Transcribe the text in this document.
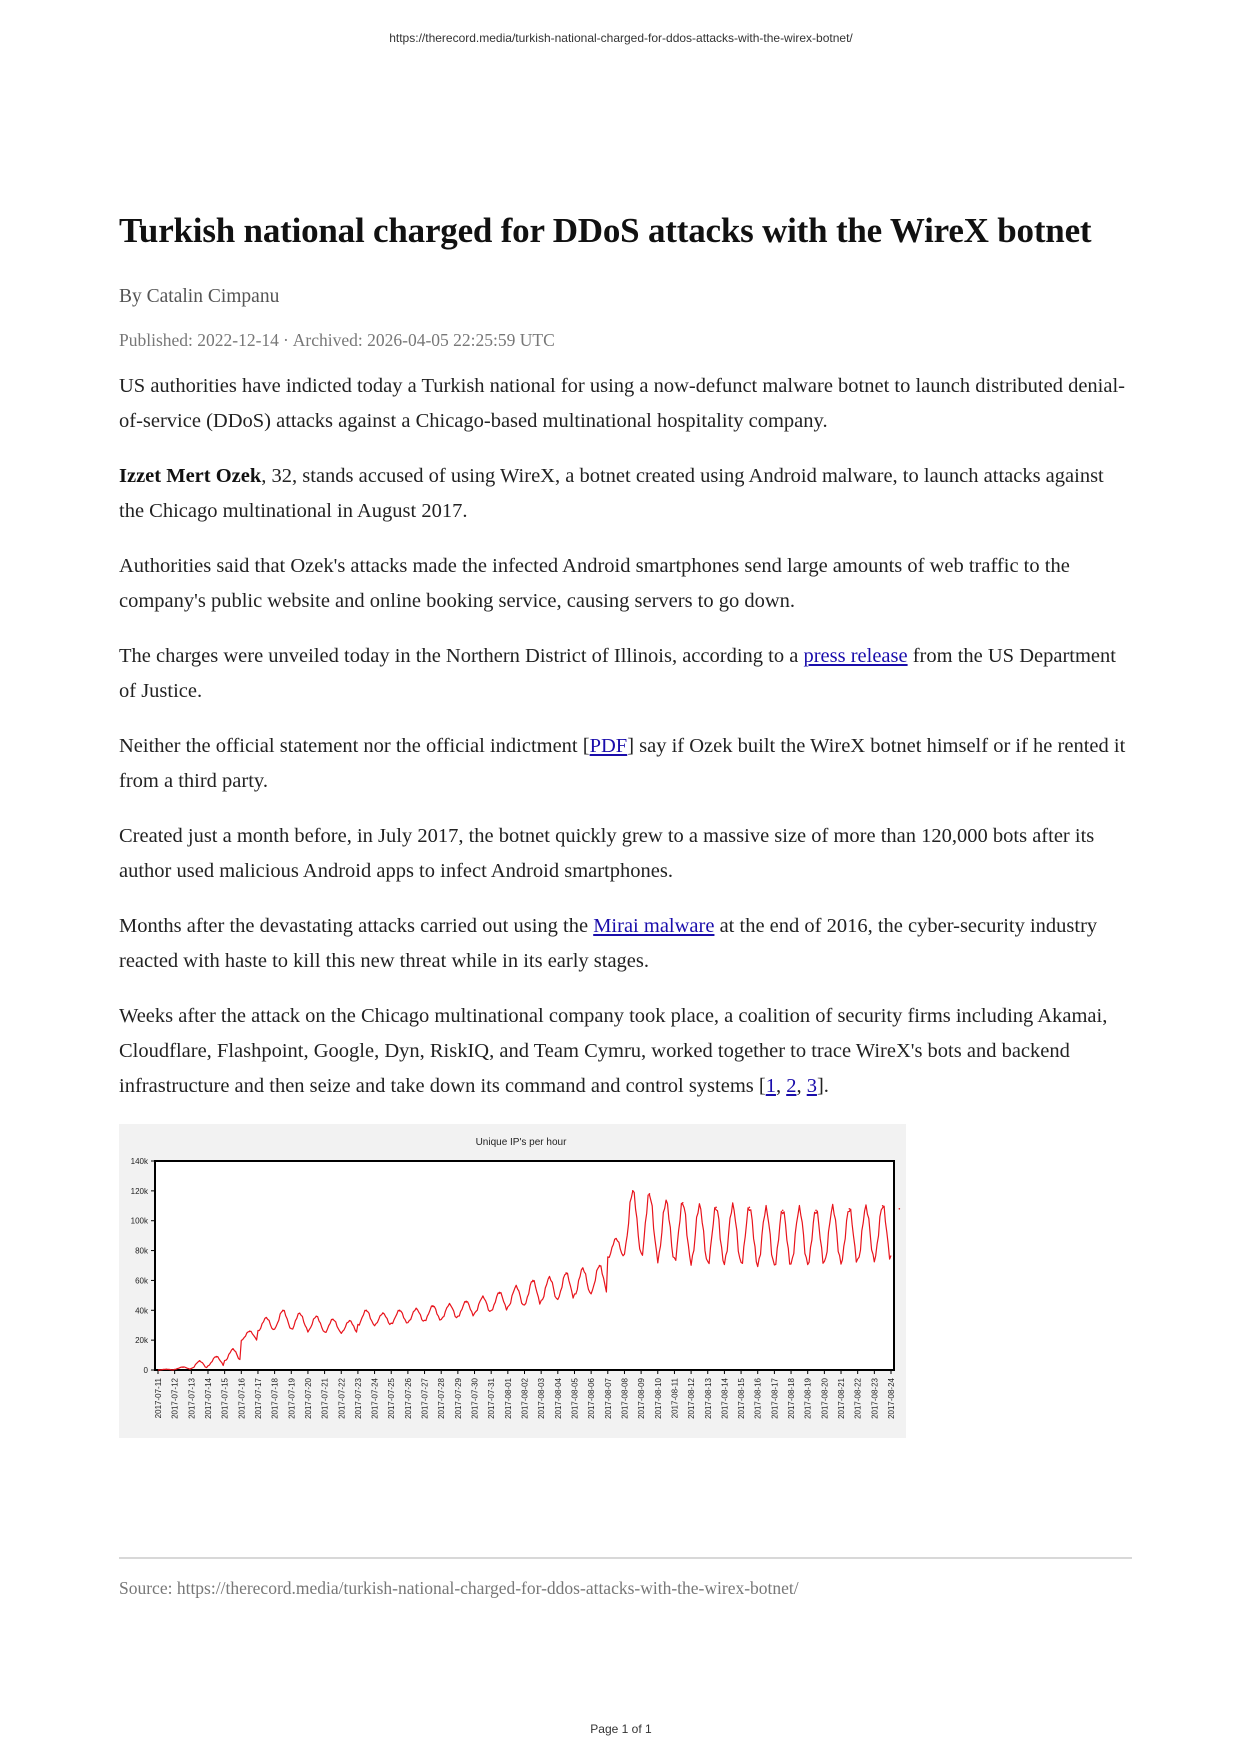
https://therecord.media/turkish-national-charged-for-ddos-attacks-with-the-wirex-botnet/
Turkish national charged for DDoS attacks with the WireX botnet
By Catalin Cimpanu
Published: 2022-12-14 · Archived: 2026-04-05 22:25:59 UTC

US authorities have indicted today a Turkish national for using a now-defunct malware botnet to launch distributed denial-of-service (DDoS) attacks against a Chicago-based multinational hospitality company.

Izzet Mert Ozek, 32, stands accused of using WireX, a botnet created using Android malware, to launch attacks against the Chicago multinational in August 2017.

Authorities said that Ozek's attacks made the infected Android smartphones send large amounts of web traffic to the company's public website and online booking service, causing servers to go down.

The charges were unveiled today in the Northern District of Illinois, according to a press release from the US Department of Justice.

Neither the official statement nor the official indictment [PDF] say if Ozek built the WireX botnet himself or if he rented it from a third party.

Created just a month before, in July 2017, the botnet quickly grew to a massive size of more than 120,000 bots after its author used malicious Android apps to infect Android smartphones.

Months after the devastating attacks carried out using the Mirai malware at the end of 2016, the cyber-security industry reacted with haste to kill this new threat while in its early stages.

Weeks after the attack on the Chicago multinational company took place, a coalition of security firms including Akamai, Cloudflare, Flashpoint, Google, Dyn, RiskIQ, and Team Cymru, worked together to trace WireX's bots and backend infrastructure and then seize and take down its command and control systems [1, 2, 3].

Unique IP's per hour
0
20k
40k
60k
80k
100k
120k
140k
2017-07-11 2017-07-12 2017-07-13 2017-07-14 2017-07-15 2017-07-16 2017-07-17 2017-07-18 2017-07-19 2017-07-20 2017-07-21 2017-07-22 2017-07-23 2017-07-24 2017-07-25 2017-07-26 2017-07-27 2017-07-28 2017-07-29 2017-07-30 2017-07-31 2017-08-01 2017-08-02 2017-08-03 2017-08-04 2017-08-05 2017-08-06 2017-08-07 2017-08-08 2017-08-09 2017-08-10 2017-08-11 2017-08-12 2017-08-13 2017-08-14 2017-08-15 2017-08-16 2017-08-17 2017-08-18 2017-08-19 2017-08-20 2017-08-21 2017-08-22 2017-08-23 2017-08-24
Source: https://therecord.media/turkish-national-charged-for-ddos-attacks-with-the-wirex-botnet/
Page 1 of 1
